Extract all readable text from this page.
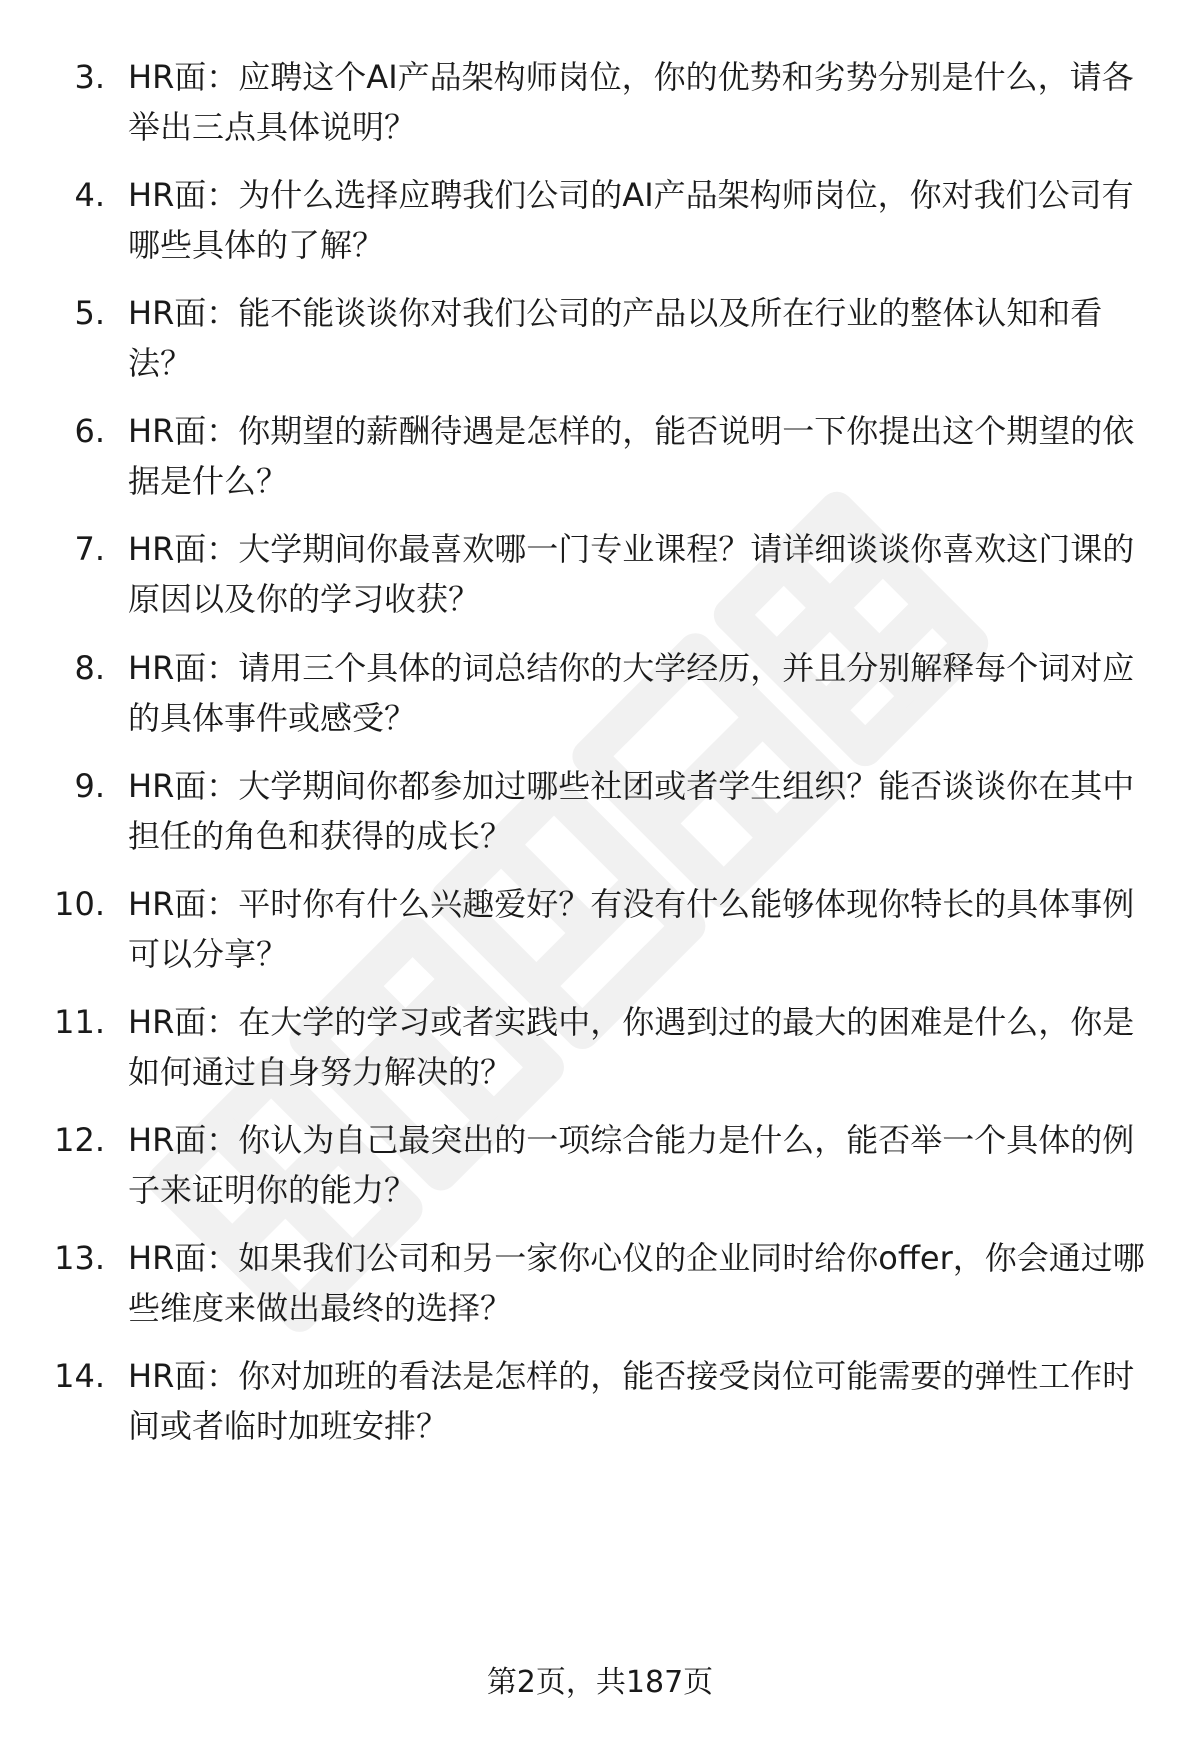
3. HR面：应聘这个AI产品架构师岗位，你的优势和劣势分别是什么，请各举出三点具体说明？
4. HR面：为什么选择应聘我们公司的AI产品架构师岗位，你对我们公司有哪些具体的了解？
5. HR面：能不能谈谈你对我们公司的产品以及所在行业的整体认知和看法？
6. HR面：你期望的薪酬待遇是怎样的，能否说明一下你提出这个期望的依据是什么？
7. HR面：大学期间你最喜欢哪一门专业课程？请详细谈谈你喜欢这门课的原因以及你的学习收获？
8. HR面：请用三个具体的词总结你的大学经历，并且分别解释每个词对应的具体事件或感受？
9. HR面：大学期间你都参加过哪些社团或者学生组织？能否谈谈你在其中担任的角色和获得的成长？
10. HR面：平时你有什么兴趣爱好？有没有什么能够体现你特长的具体事例可以分享？
11. HR面：在大学的学习或者实践中，你遇到过的最大的困难是什么，你是如何通过自身努力解决的？
12. HR面：你认为自己最突出的一项综合能力是什么，能否举一个具体的例子来证明你的能力？
13. HR面：如果我们公司和另一家你心仪的企业同时给你offer，你会通过哪些维度来做出最终的选择？
14. HR面：你对加班的看法是怎样的，能否接受岗位可能需要的弹性工作时间或者临时加班安排？
第2页，共187页
